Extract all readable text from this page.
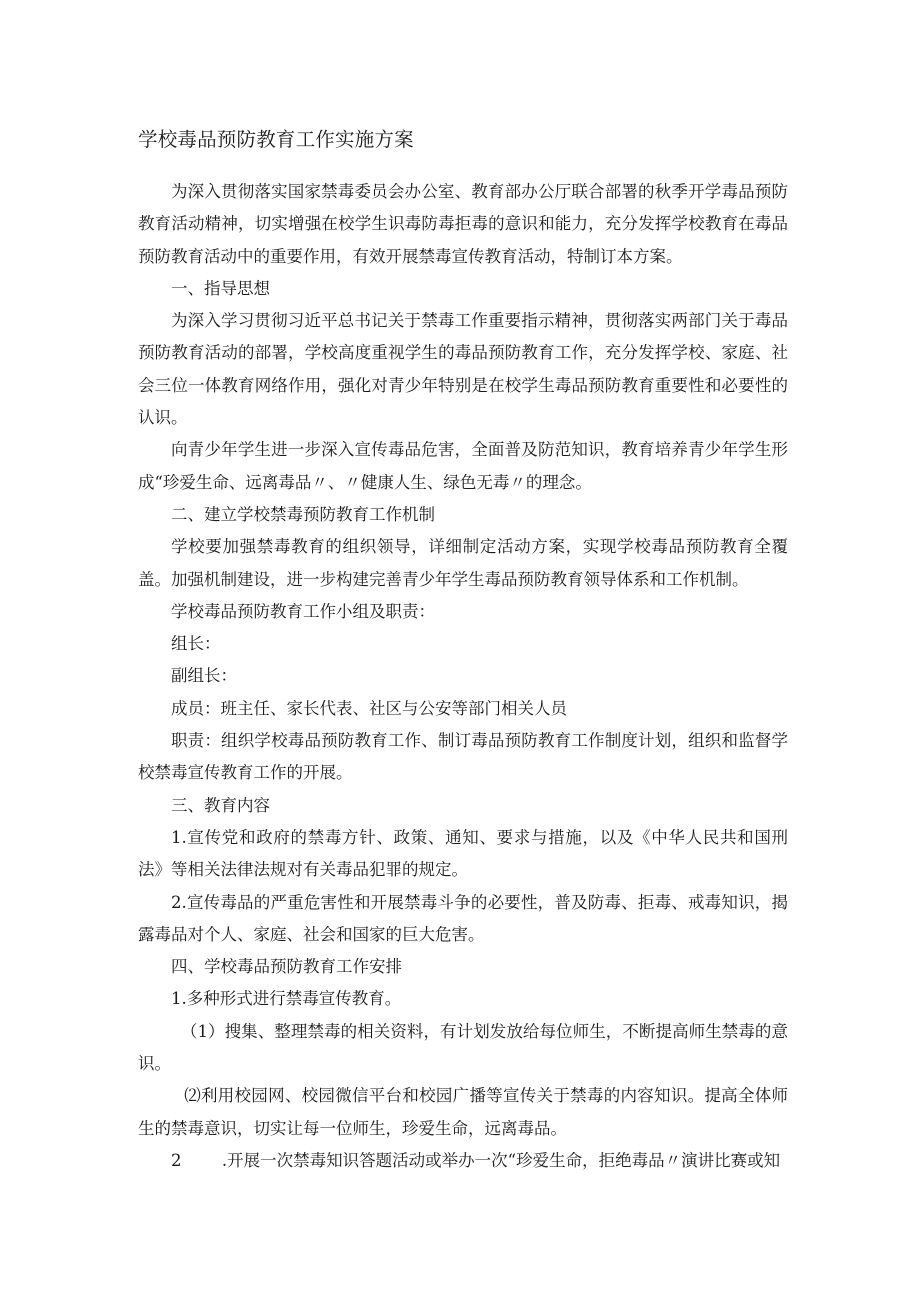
学校毒品预防教育工作实施方案

为深入贯彻落实国家禁毒委员会办公室、教育部办公厅联合部署的秋季开学毒品预防教育活动精神，切实增强在校学生识毒防毒拒毒的意识和能力，充分发挥学校教育在毒品预防教育活动中的重要作用，有效开展禁毒宣传教育活动，特制订本方案。

一、指导思想

为深入学习贯彻习近平总书记关于禁毒工作重要指示精神，贯彻落实两部门关于毒品预防教育活动的部署，学校高度重视学生的毒品预防教育工作，充分发挥学校、家庭、社会三位一体教育网络作用，强化对青少年特别是在校学生毒品预防教育重要性和必要性的认识。

向青少年学生进一步深入宣传毒品危害，全面普及防范知识，教育培养青少年学生形成“珍爱生命、远离毒品〃、〃健康人生、绿色无毒〃的理念。

二、建立学校禁毒预防教育工作机制

学校要加强禁毒教育的组织领导，详细制定活动方案，实现学校毒品预防教育全覆盖。加强机制建设，进一步构建完善青少年学生毒品预防教育领导体系和工作机制。

学校毒品预防教育工作小组及职责：

组长：

副组长：

成员：班主任、家长代表、社区与公安等部门相关人员

职责：组织学校毒品预防教育工作、制订毒品预防教育工作制度计划，组织和监督学校禁毒宣传教育工作的开展。

三、教育内容

1.宣传党和政府的禁毒方针、政策、通知、要求与措施，以及《中华人民共和国刑法》等相关法律法规对有关毒品犯罪的规定。

2.宣传毒品的严重危害性和开展禁毒斗争的必要性，普及防毒、拒毒、戒毒知识，揭露毒品对个人、家庭、社会和国家的巨大危害。

四、学校毒品预防教育工作安排

1.多种形式进行禁毒宣传教育。

（1）搜集、整理禁毒的相关资料，有计划发放给每位师生，不断提高师生禁毒的意识。

⑵利用校园网、校园微信平台和校园广播等宣传关于禁毒的内容知识。提高全体师生的禁毒意识，切实让每一位师生，珍爱生命，远离毒品。

2	.开展一次禁毒知识答题活动或举办一次“珍爱生命，拒绝毒品〃演讲比赛或知
